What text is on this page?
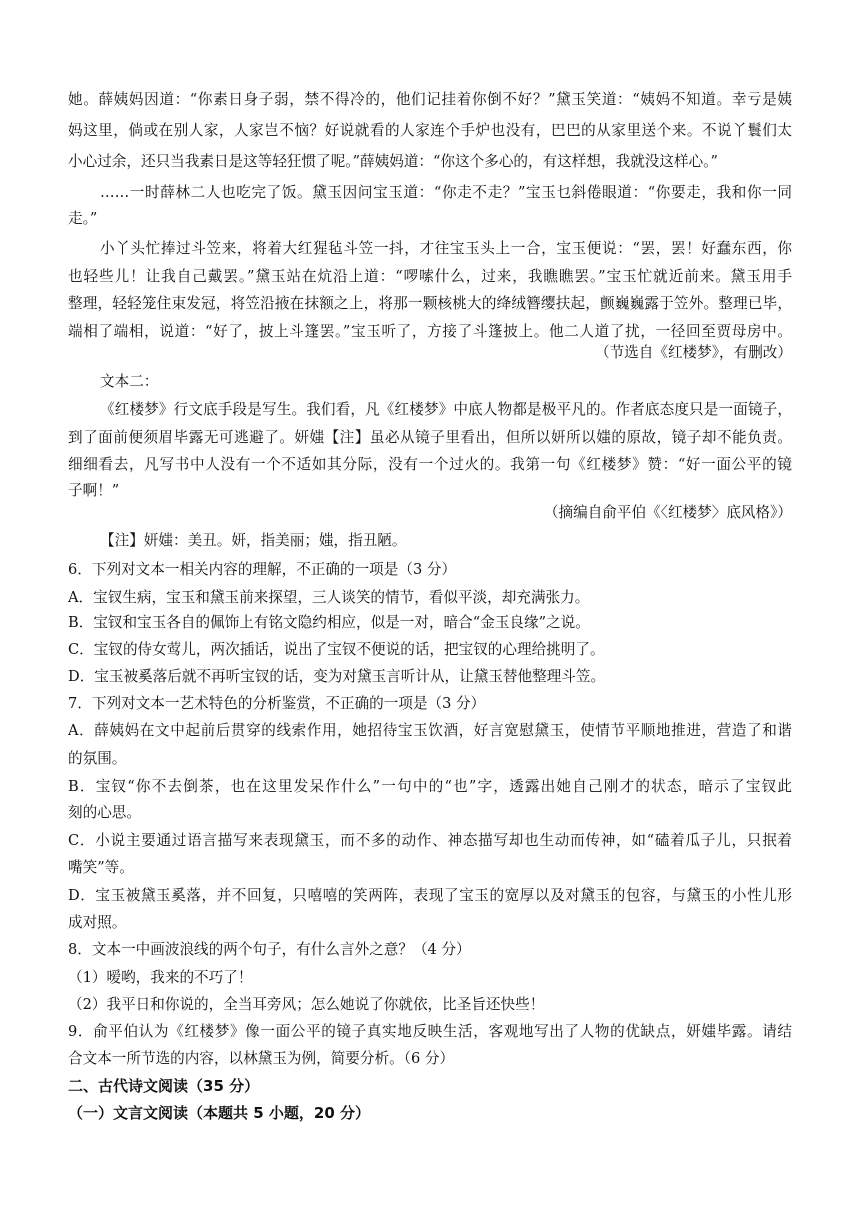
她。薛姨妈因道：“你素日身子弱，禁不得冷的，他们记挂着你倒不好？”黛玉笑道：“姨妈不知道。幸亏是姨
妈这里，倘或在别人家，人家岂不恼？好说就看的人家连个手炉也没有，巴巴的从家里送个来。不说丫鬟们太
小心过余，还只当我素日是这等轻狂惯了呢。”薛姨妈道：“你这个多心的，有这样想，我就没这样心。”
……一时薛林二人也吃完了饭。黛玉因问宝玉道：“你走不走？”宝玉乜斜倦眼道：“你要走，我和你一同
走。”
小丫头忙捧过斗笠来，将着大红猩毡斗笠一抖，才往宝玉头上一合，宝玉便说：“罢，罢！好蠢东西，你
也轻些儿！让我自己戴罢。”黛玉站在炕沿上道：“啰嗦什么，过来，我瞧瞧罢。”宝玉忙就近前来。黛玉用手
整理，轻轻笼住束发冠，将笠沿掖在抹额之上，将那一颗核桃大的绛绒簪缨扶起，颤巍巍露于笠外。整理已毕，
端相了端相，说道：“好了，披上斗篷罢。”宝玉听了，方接了斗篷披上。他二人道了扰，一径回至贾母房中。
（节选自《红楼梦》，有删改）
文本二：
《红楼梦》行文底手段是写生。我们看，凡《红楼梦》中底人物都是极平凡的。作者底态度只是一面镜子，
到了面前便须眉毕露无可逃避了。妍媸【注】虽必从镜子里看出，但所以妍所以媸的原故，镜子却不能负责。
细细看去，凡写书中人没有一个不适如其分际，没有一个过火的。我第一句《红楼梦》赞：“好一面公平的镜
子啊！”
（摘编自俞平伯《〈红楼梦〉底风格》）
【注】妍媸：美丑。妍，指美丽；媸，指丑陋。
6．下列对文本一相关内容的理解，不正确的一项是（3 分）
A．宝钗生病，宝玉和黛玉前来探望，三人谈笑的情节，看似平淡，却充满张力。
B．宝钗和宝玉各自的佩饰上有铭文隐约相应，似是一对，暗合“金玉良缘”之说。
C．宝钗的侍女莺儿，两次插话，说出了宝钗不便说的话，把宝钗的心理给挑明了。
D．宝玉被奚落后就不再听宝钗的话，变为对黛玉言听计从，让黛玉替他整理斗笠。
7．下列对文本一艺术特色的分析鉴赏，不正确的一项是（3 分）
A．薛姨妈在文中起前后贯穿的线索作用，她招待宝玉饮酒，好言宽慰黛玉，使情节平顺地推进，营造了和谐
的氛围。
B．宝钗“你不去倒茶，也在这里发呆作什么”一句中的“也”字，透露出她自己刚才的状态，暗示了宝钗此
刻的心思。
C．小说主要通过语言描写来表现黛玉，而不多的动作、神态描写却也生动而传神，如“磕着瓜子儿，只抿着
嘴笑”等。
D．宝玉被黛玉奚落，并不回复，只嘻嘻的笑两阵，表现了宝玉的宽厚以及对黛玉的包容，与黛玉的小性儿形
成对照。
8．文本一中画波浪线的两个句子，有什么言外之意？（4 分）
（1）嗳哟，我来的不巧了！
（2）我平日和你说的，全当耳旁风；怎么她说了你就依，比圣旨还快些！
9．俞平伯认为《红楼梦》像一面公平的镜子真实地反映生活，客观地写出了人物的优缺点，妍媸毕露。请结
合文本一所节选的内容，以林黛玉为例，简要分析。（6 分）
二、古代诗文阅读（35 分）
（一）文言文阅读（本题共 5 小题，20 分）
